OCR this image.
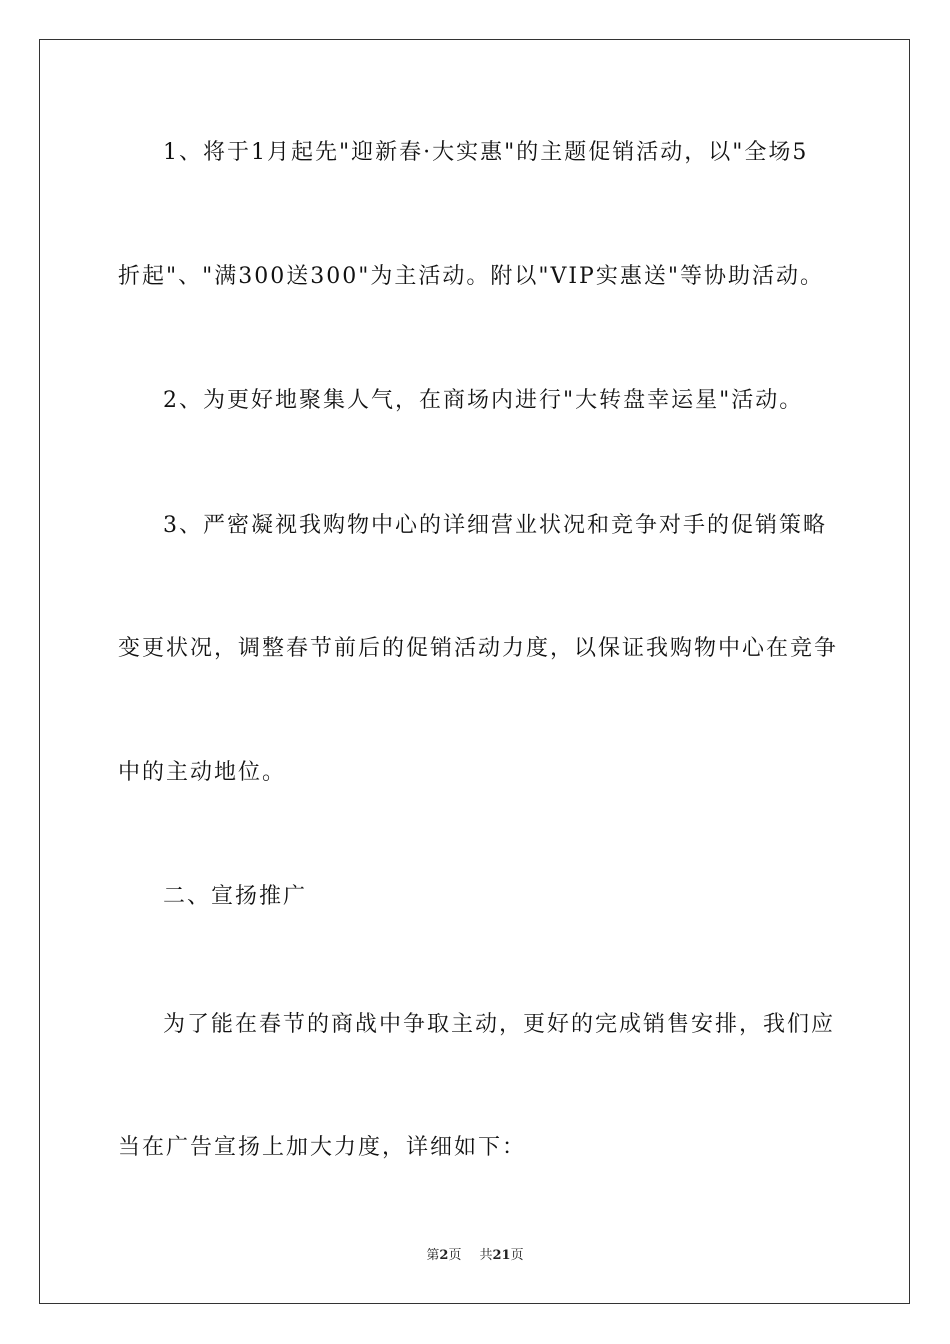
1、将于1月起先"迎新春·大实惠"的主题促销活动，以"全场5
折起"、"满300送300"为主活动。附以"VIP实惠送"等协助活动。
2、为更好地聚集人气，在商场内进行"大转盘幸运星"活动。
3、严密凝视我购物中心的详细营业状况和竞争对手的促销策略
变更状况，调整春节前后的促销活动力度，以保证我购物中心在竞争
中的主动地位。
二、宣扬推广
为了能在春节的商战中争取主动，更好的完成销售安排，我们应
当在广告宣扬上加大力度，详细如下：
第2页 共21页
